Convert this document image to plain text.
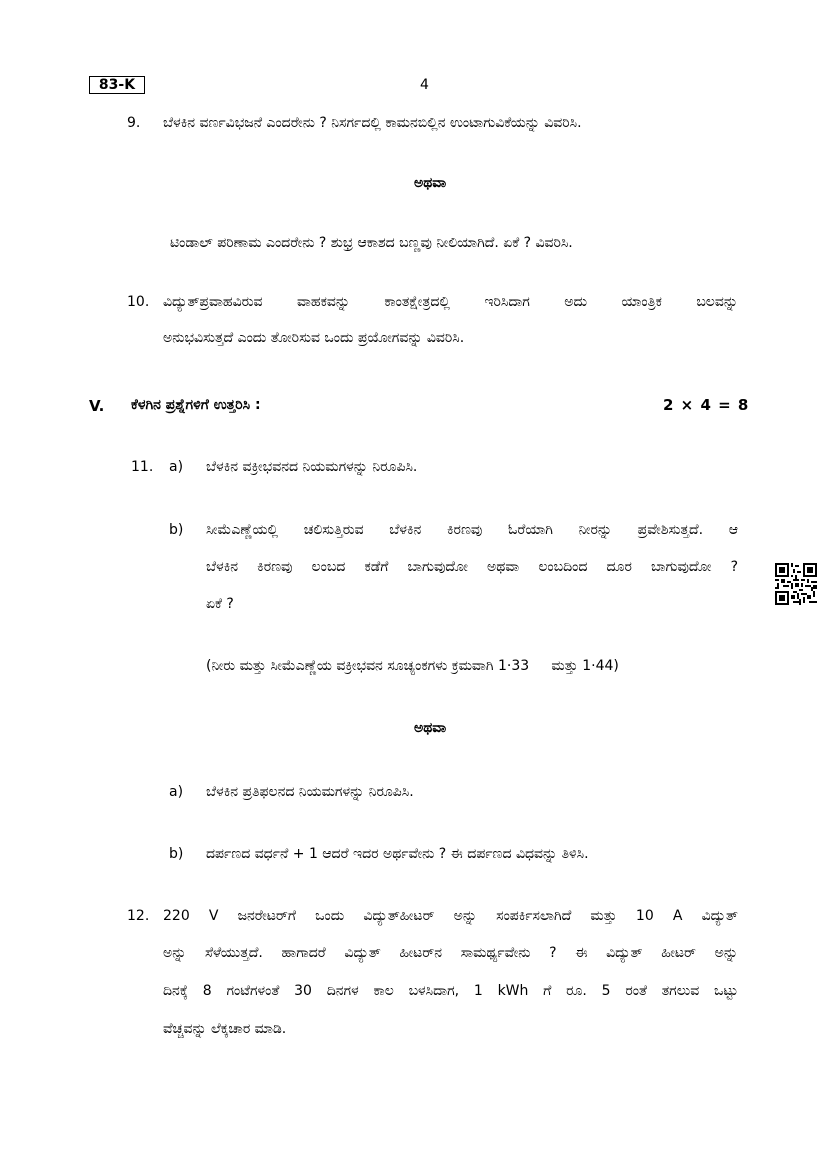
83-K	4
9. ಬೆಳಕಿನ ವರ್ಣವಿಭಜನೆ ಎಂದರೇನು ? ನಿಸರ್ಗದಲ್ಲಿ ಕಾಮನಬಿಲ್ಲಿನ ಉಂಟಾಗುವಿಕೆಯನ್ನು ವಿವರಿಸಿ.
ಅಥವಾ
ಟಿಂಡಾಲ್ ಪರಿಣಾಮ ಎಂದರೇನು ? ಶುಭ್ರ ಆಕಾಶದ ಬಣ್ಣವು ನೀಲಿಯಾಗಿದೆ. ಏಕೆ ? ವಿವರಿಸಿ.
10. ವಿದ್ಯುತ್‌ಪ್ರವಾಹವಿರುವ ವಾಹಕವನ್ನು ಕಾಂತಕ್ಷೇತ್ರದಲ್ಲಿ ಇರಿಸಿದಾಗ ಅದು ಯಾಂತ್ರಿಕ ಬಲವನ್ನು
ಅನುಭವಿಸುತ್ತದೆ ಎಂದು ತೋರಿಸುವ ಒಂದು ಪ್ರಯೋಗವನ್ನು ವಿವರಿಸಿ.
V. ಕೆಳಗಿನ ಪ್ರಶ್ನೆಗಳಿಗೆ ಉತ್ತರಿಸಿ :	2 × 4 = 8
11. a) ಬೆಳಕಿನ ವಕ್ರೀಭವನದ ನಿಯಮಗಳನ್ನು ನಿರೂಪಿಸಿ.
b) ಸೀಮೆಎಣ್ಣೆಯಲ್ಲಿ ಚಲಿಸುತ್ತಿರುವ ಬೆಳಕಿನ ಕಿರಣವು ಓರೆಯಾಗಿ ನೀರನ್ನು ಪ್ರವೇಶಿಸುತ್ತದೆ. ಆ
ಬೆಳಕಿನ ಕಿರಣವು ಲಂಬದ ಕಡೆಗೆ ಬಾಗುವುದೋ ಅಥವಾ ಲಂಬದಿಂದ ದೂರ ಬಾಗುವುದೋ ?
ಏಕೆ ?
(ನೀರು ಮತ್ತು ಸೀಮೆಎಣ್ಣೆಯ ವಕ್ರೀಭವನ ಸೂಚ್ಯಂಕಗಳು ಕ್ರಮವಾಗಿ 1·33     ಮತ್ತು 1·44)
ಅಥವಾ
a) ಬೆಳಕಿನ ಪ್ರತಿಫಲನದ ನಿಯಮಗಳನ್ನು ನಿರೂಪಿಸಿ.
b) ದರ್ಪಣದ ವರ್ಧನೆ + 1 ಆದರೆ ಇದರ ಅರ್ಥವೇನು ? ಈ ದರ್ಪಣದ ವಿಧವನ್ನು ತಿಳಿಸಿ.
12. 220 V ಜನರೇಟರ್‌ಗೆ ಒಂದು ವಿದ್ಯುತ್‌ಹೀಟರ್ ಅನ್ನು ಸಂಪರ್ಕಿಸಲಾಗಿದೆ ಮತ್ತು 10 A ವಿದ್ಯುತ್
ಅನ್ನು ಸೆಳೆಯುತ್ತದೆ. ಹಾಗಾದರೆ ವಿದ್ಯುತ್ ಹೀಟರ್‌ನ ಸಾಮರ್ಥ್ಯವೇನು ? ಈ ವಿದ್ಯುತ್ ಹೀಟರ್ ಅನ್ನು
ದಿನಕ್ಕೆ 8 ಗಂಟೆಗಳಂತೆ 30 ದಿನಗಳ ಕಾಲ ಬಳಸಿದಾಗ, 1 kWh ಗೆ ರೂ. 5 ರಂತೆ ತಗಲುವ ಒಟ್ಟು
ವೆಚ್ಚವನ್ನು ಲೆಕ್ಕಚಾರ ಮಾಡಿ.
